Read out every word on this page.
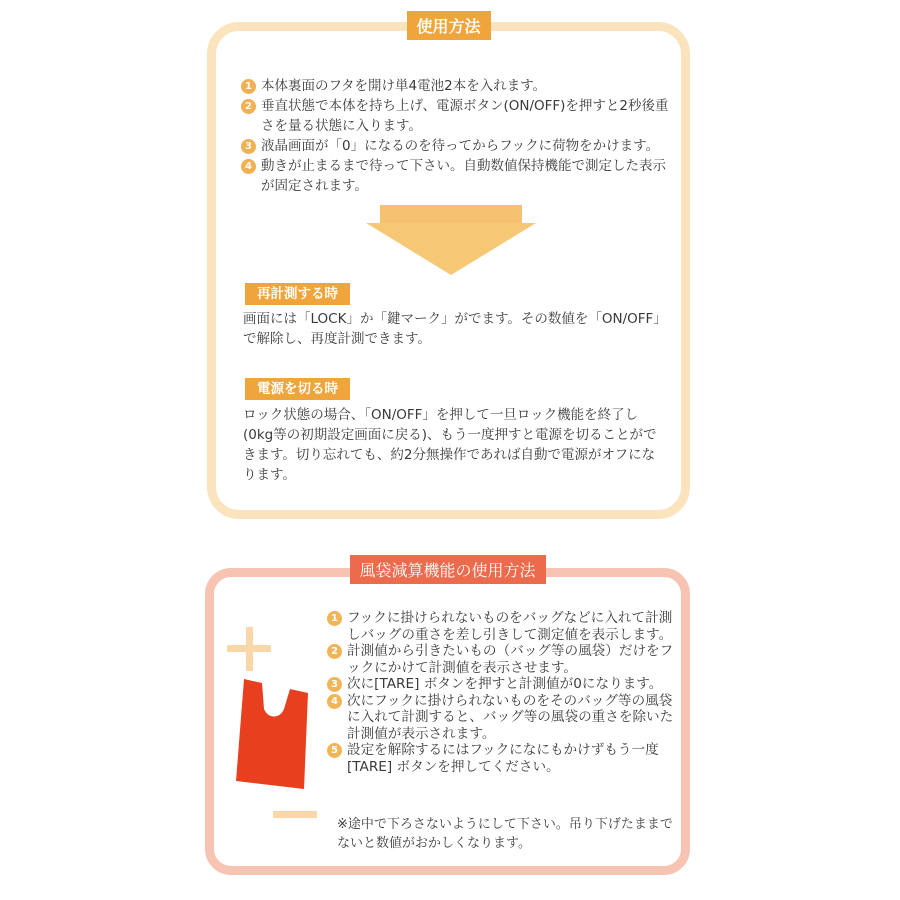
使用方法
1 本体裏面のフタを開け単4電池2本を入れます。
2 垂直状態で本体を持ち上げ、電源ボタン(ON/OFF)を押すと2秒後重さを量る状態に入ります。
3 液晶画面が「0」になるのを待ってからフックに荷物をかけます。
4 動きが止まるまで待って下さい。自動数値保持機能で測定した表示が固定されます。
再計測する時

画面には「LOCK」か「鍵マーク」がでます。その数値を「ON/OFF」で解除し、再度計測できます。

電源を切る時

ロック状態の場合、「ON/OFF」を押して一旦ロック機能を終了し(0kg等の初期設定画面に戻る)、もう一度押すと電源を切ることができます。切り忘れても、約2分無操作であれば自動で電源がオフになります。

風袋減算機能の使用方法
1 フックに掛けられないものをバッグなどに入れて計測しバッグの重さを差し引きして測定値を表示します。
2 計測値から引きたいもの（バッグ等の風袋）だけをフックにかけて計測値を表示させます。
3 次に[TARE] ボタンを押すと計測値が0になります。
4 次にフックに掛けられないものをそのバッグ等の風袋に入れて計測すると、バッグ等の風袋の重さを除いた計測値が表示されます。
5 設定を解除するにはフックになにもかけずもう一度[TARE] ボタンを押してください。

※途中で下ろさないようにして下さい。吊り下げたままで ないと数値がおかしくなります。
